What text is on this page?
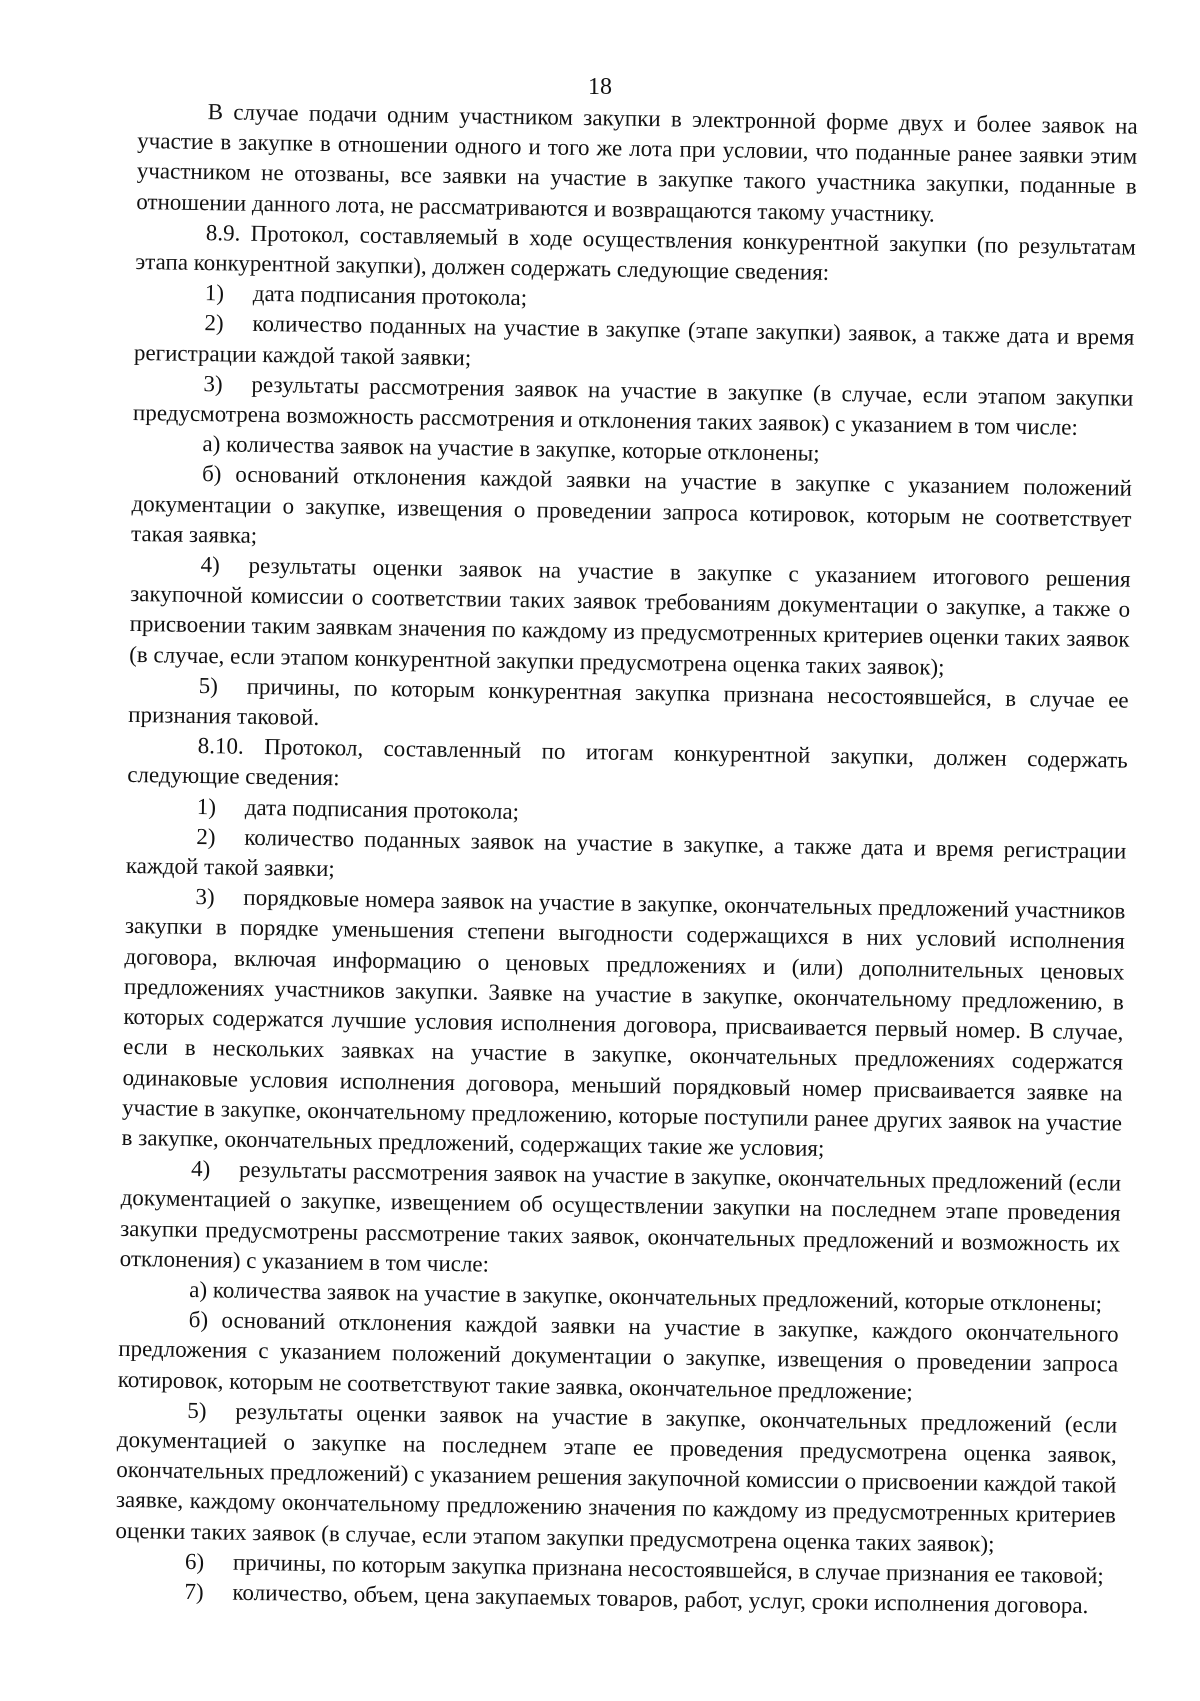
18

В случае подачи одним участником закупки в электронной форме двух и более заявок на участие в закупке в отношении одного и того же лота при условии, что поданные ранее заявки этим участником не отозваны, все заявки на участие в закупке такого участника закупки, поданные в отношении данного лота, не рассматриваются и возвращаются такому участнику.

8.9. Протокол, составляемый в ходе осуществления конкурентной закупки (по результатам этапа конкурентной закупки), должен содержать следующие сведения:

1) дата подписания протокола;

2) количество поданных на участие в закупке (этапе закупки) заявок, а также дата и время регистрации каждой такой заявки;

3) результаты рассмотрения заявок на участие в закупке (в случае, если этапом закупки предусмотрена возможность рассмотрения и отклонения таких заявок) с указанием в том числе:

а) количества заявок на участие в закупке, которые отклонены;

б) оснований отклонения каждой заявки на участие в закупке с указанием положений документации о закупке, извещения о проведении запроса котировок, которым не соответствует такая заявка;

4) результаты оценки заявок на участие в закупке с указанием итогового решения закупочной комиссии о соответствии таких заявок требованиям документации о закупке, а также о присвоении таким заявкам значения по каждому из предусмотренных критериев оценки таких заявок (в случае, если этапом конкурентной закупки предусмотрена оценка таких заявок);

5) причины, по которым конкурентная закупка признана несостоявшейся, в случае ее признания таковой.

8.10. Протокол, составленный по итогам конкурентной закупки, должен содержать следующие сведения:

1) дата подписания протокола;

2) количество поданных заявок на участие в закупке, а также дата и время регистрации каждой такой заявки;

3) порядковые номера заявок на участие в закупке, окончательных предложений участников закупки в порядке уменьшения степени выгодности содержащихся в них условий исполнения договора, включая информацию о ценовых предложениях и (или) дополнительных ценовых предложениях участников закупки. Заявке на участие в закупке, окончательному предложению, в которых содержатся лучшие условия исполнения договора, присваивается первый номер. В случае, если в нескольких заявках на участие в закупке, окончательных предложениях содержатся одинаковые условия исполнения договора, меньший порядковый номер присваивается заявке на участие в закупке, окончательному предложению, которые поступили ранее других заявок на участие в закупке, окончательных предложений, содержащих такие же условия;

4) результаты рассмотрения заявок на участие в закупке, окончательных предложений (если документацией о закупке, извещением об осуществлении закупки на последнем этапе проведения закупки предусмотрены рассмотрение таких заявок, окончательных предложений и возможность их отклонения) с указанием в том числе:

а) количества заявок на участие в закупке, окончательных предложений, которые отклонены;

б) оснований отклонения каждой заявки на участие в закупке, каждого окончательного предложения с указанием положений документации о закупке, извещения о проведении запроса котировок, которым не соответствуют такие заявка, окончательное предложение;

5) результаты оценки заявок на участие в закупке, окончательных предложений (если документацией о закупке на последнем этапе ее проведения предусмотрена оценка заявок, окончательных предложений) с указанием решения закупочной комиссии о присвоении каждой такой заявке, каждому окончательному предложению значения по каждому из предусмотренных критериев оценки таких заявок (в случае, если этапом закупки предусмотрена оценка таких заявок);

6) причины, по которым закупка признана несостоявшейся, в случае признания ее таковой;

7) количество, объем, цена закупаемых товаров, работ, услуг, сроки исполнения договора.
